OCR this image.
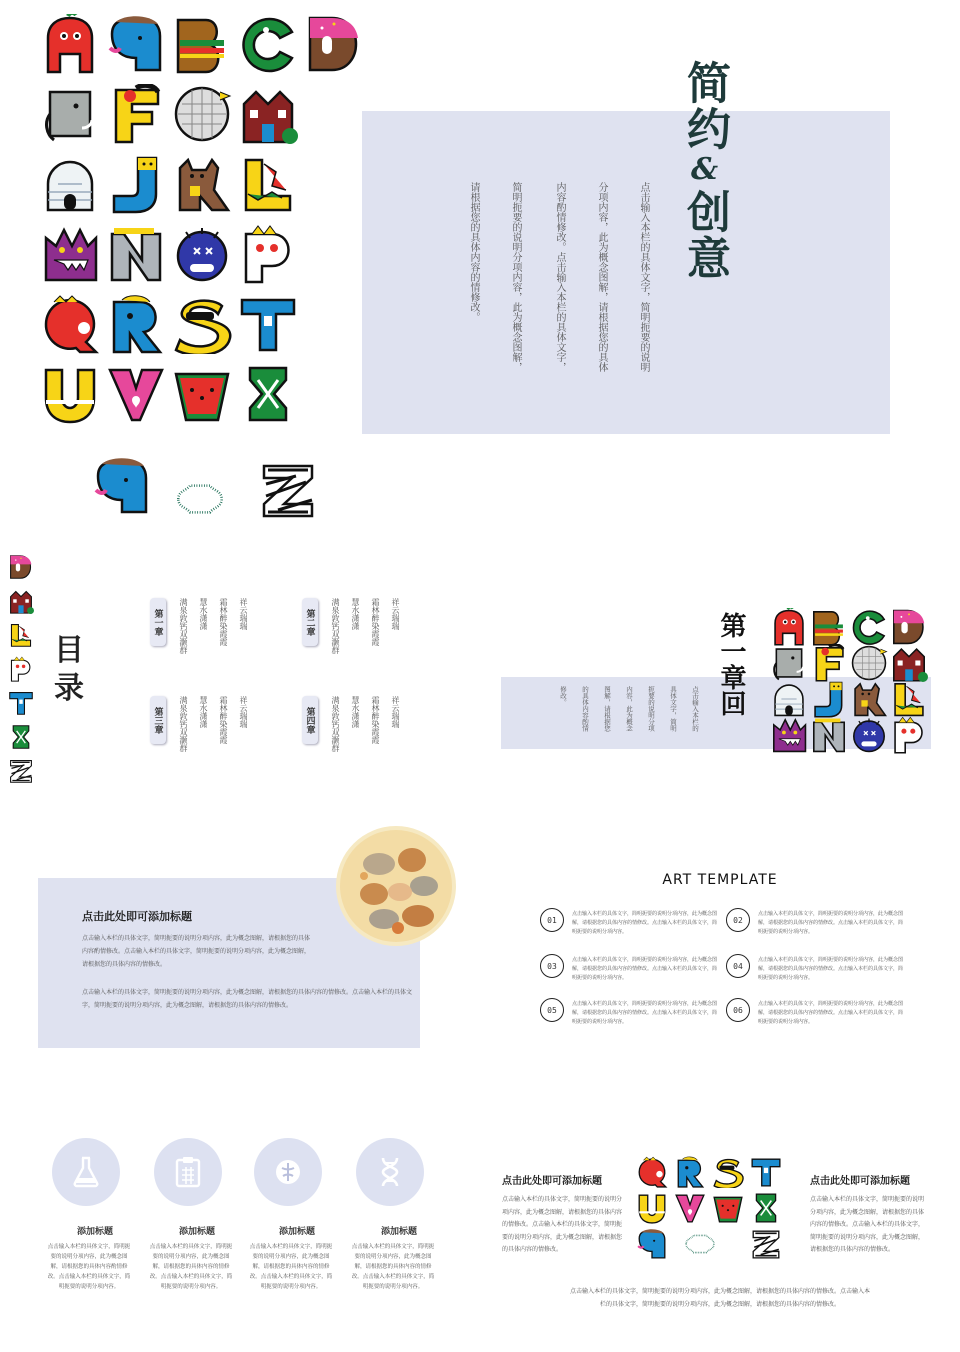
简约&创意
点击输入本栏的具体文字，简明扼要的说明
分项内容，此为概念图解，请根据您的具体
内容酌情修改。点击输入本栏的具体文字，
简明扼要的说明分项内容，此为概念图解，
请根据您的具体内容的情修改。
目录
第一章	祥云瑞瑞
霜林醉染霞霞
慧水潇潇
满泉敦钙双灏群	第二章	祥云瑞瑞
霜林醉染霞霞
慧水潇潇
满泉敦钙双灏群
第三章	祥云瑞瑞
霜林醉染霞霞
慧水潇潇
满泉敦钙双灏群	第四章	祥云瑞瑞
霜林醉染霞霞
慧水潇潇
满泉敦钙双灏群
第一章回
点击输入本栏的
具体文字，简明
扼要的说明分项
内容，此为概念
图解，请根据您
的具体内容酌情
修改。
点击此处即可添加标题
点击输入本栏的具体文字，简明扼要的说明分项内容，此为概念图解，请根据您的具体内容酌情修改。点击输入本栏的具体文字，简明扼要的说明分项内容，此为概念图解，请根据您的具体内容的情修改。
点击输入本栏的具体文字，简明扼要的说明分项内容，此为概念图解，请根据您的具体内容的情修改。点击输入本栏的具体文字，简明扼要的说明分项内容，此为概念图解，请根据您的具体内容的情修改。
ART TEMPLATE
01
点击输入本栏的具体文字，简明扼要的说明分项内容，此为概念图解，请根据您的具体内容的情修改。点击输入本栏的具体文字，简明扼要的说明分项内容。
02
点击输入本栏的具体文字，简明扼要的说明分项内容，此为概念图解，请根据您的具体内容的情修改。点击输入本栏的具体文字，简明扼要的说明分项内容。
03
点击输入本栏的具体文字，简明扼要的说明分项内容，此为概念图解，请根据您的具体内容的情修改。点击输入本栏的具体文字，简明扼要的说明分项内容。
04
点击输入本栏的具体文字，简明扼要的说明分项内容，此为概念图解，请根据您的具体内容的情修改。点击输入本栏的具体文字，简明扼要的说明分项内容。
05
点击输入本栏的具体文字，简明扼要的说明分项内容，此为概念图解，请根据您的具体内容的情修改。点击输入本栏的具体文字，简明扼要的说明分项内容。
06
点击输入本栏的具体文字，简明扼要的说明分项内容，此为概念图解，请根据您的具体内容的情修改。点击输入本栏的具体文字，简明扼要的说明分项内容。
添加标题
点击输入本栏的具体文字，简明扼要的说明分项内容，此为概念图解，请根据您的具体内容酌情修改。点击输入本栏的具体文字，简明扼要的说明分项内容。
添加标题
点击输入本栏的具体文字，简明扼要的说明分项内容，此为概念图解，请根据您的具体内容的情修改。点击输入本栏的具体文字，简明扼要的说明分项内容。
添加标题
点击输入本栏的具体文字，简明扼要的说明分项内容，此为概念图解，请根据您的具体内容的情修改。点击输入本栏的具体文字，简明扼要的说明分项内容。
添加标题
点击输入本栏的具体文字，简明扼要的说明分项内容，此为概念图解，请根据您的具体内容的情修改。点击输入本栏的具体文字，简明扼要的说明分项内容。
点击此处即可添加标题
点击输入本栏的具体文字，简明扼要的说明分项内容，此为概念图解，请根据您的具体内容的情修改。点击输入本栏的具体文字，简明扼要的说明分项内容，此为概念图解，请根据您的具体内容的情修改。
点击此处即可添加标题
点击输入本栏的具体文字，简明扼要的说明分项内容，此为概念图解，请根据您的具体内容的情修改。点击输入本栏的具体文字，简明扼要的说明分项内容，此为概念图解，请根据您的具体内容的情修改。
点击输入本栏的具体文字，简明扼要的说明分项内容，此为概念图解，请根据您的具体内容的情修改。点击输入本栏的具体文字，简明扼要的说明分项内容，此为概念图解，请根据您的具体内容的情修改。
